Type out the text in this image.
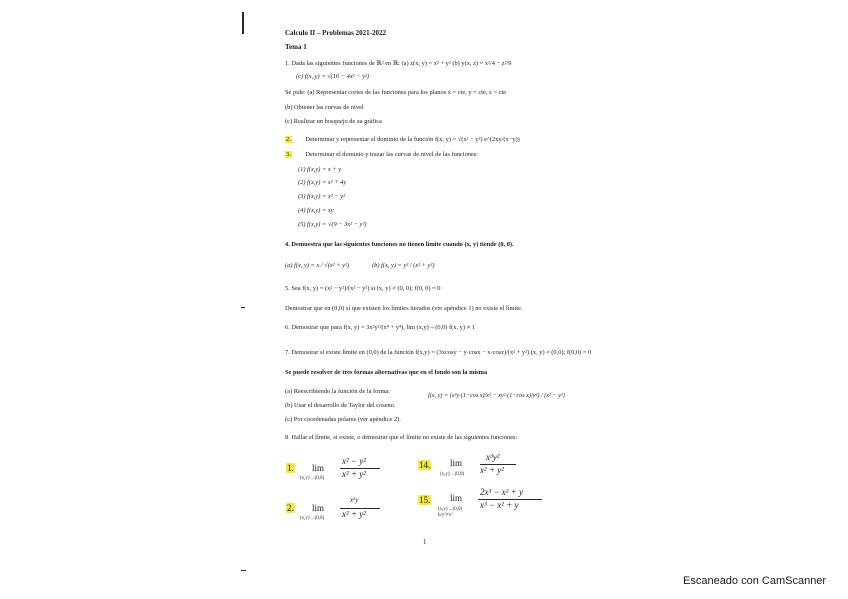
Calculo II – Problemas 2021-2022
Tema 1
1. Dada las siguientes funciones de ℝ² en ℝ: (a) z(x, y) = x² + y² (b) y(x, z) = x²/4 − z²/9
(c) f(x, y) = √(16 − 4x² − y²)
Se pide: (a) Representar cortes de las funciones para los planos x = cte, y = cte, z = cte
(b) Obtener las curvas de nivel
(c) Realizar un bosquejo de su gráfica
2. Determinar y representar el dominio de la función f(x, y) = √(x² − y²) e^(2xy/(x−y))
3. Determinar el dominio y trazar las curvas de nivel de las funciones:
(1) f(x,y) = x + y
(2) f(x,y) = x² + 4y
(3) f(x,y) = x² − y²
(4) f(x,y) = xy
(5) f(x,y) = √(9 − 3x² − y²)
4. Demuestra que las siguientes funciones no tienen límite cuando (x, y) tiende (0, 0).
(a) f(x, y) = x / √(x² + y²)	(b) f(x, y) = y² / (x² + y²)
5. Sea f(x, y) = (x² − y²)/(x² − y²) si (x, y) ≠ (0, 0); f(0, 0) = 0
Demostrar que en (0,0) sí que existen los límites iterados (ver apéndice 1) no existe el límite.
6. Demostrar que para f(x, y) = 3x²y²/(x⁴ + y⁴), lim (x,y)→(0,0) f(x, y) ≠ 1
7. Demostrar si existe límite en (0,0) de la función f(x,y) = (3xcosy − y·cosx − x·cosz)/(x² + y²) (x, y) ≠ (0,0); f(0,0) = 0
Se puede resolver de tres formas alternativas que en el fondo son la misma
(a) Reescribiendo la función de la forma:
f(x, y) = (x²y·(1−cos x)/x² − xy²·(1−cos x)/y²) / (x² − y²)
(b) Usar el desarrollo de Taylor del coseno.
(c) Por coordenadas polares (ver apéndice 2).
8. Hallar el límite, si existe, o demostrar que el límite no existe de las siguientes funciones:
1. lim
(x,y)→(0,0)
x² − y²
x² + y²
2. lim
(x,y)→(0,0)
x²y
x² + y²
14. lim
(x,y)→(0,0)
x³y²
x² + y²
15. lim
(x,y)→(0,0) b/y²≠x²
2x³ − x² + y
x³ − x² + y
1
Escaneado con CamScanner
